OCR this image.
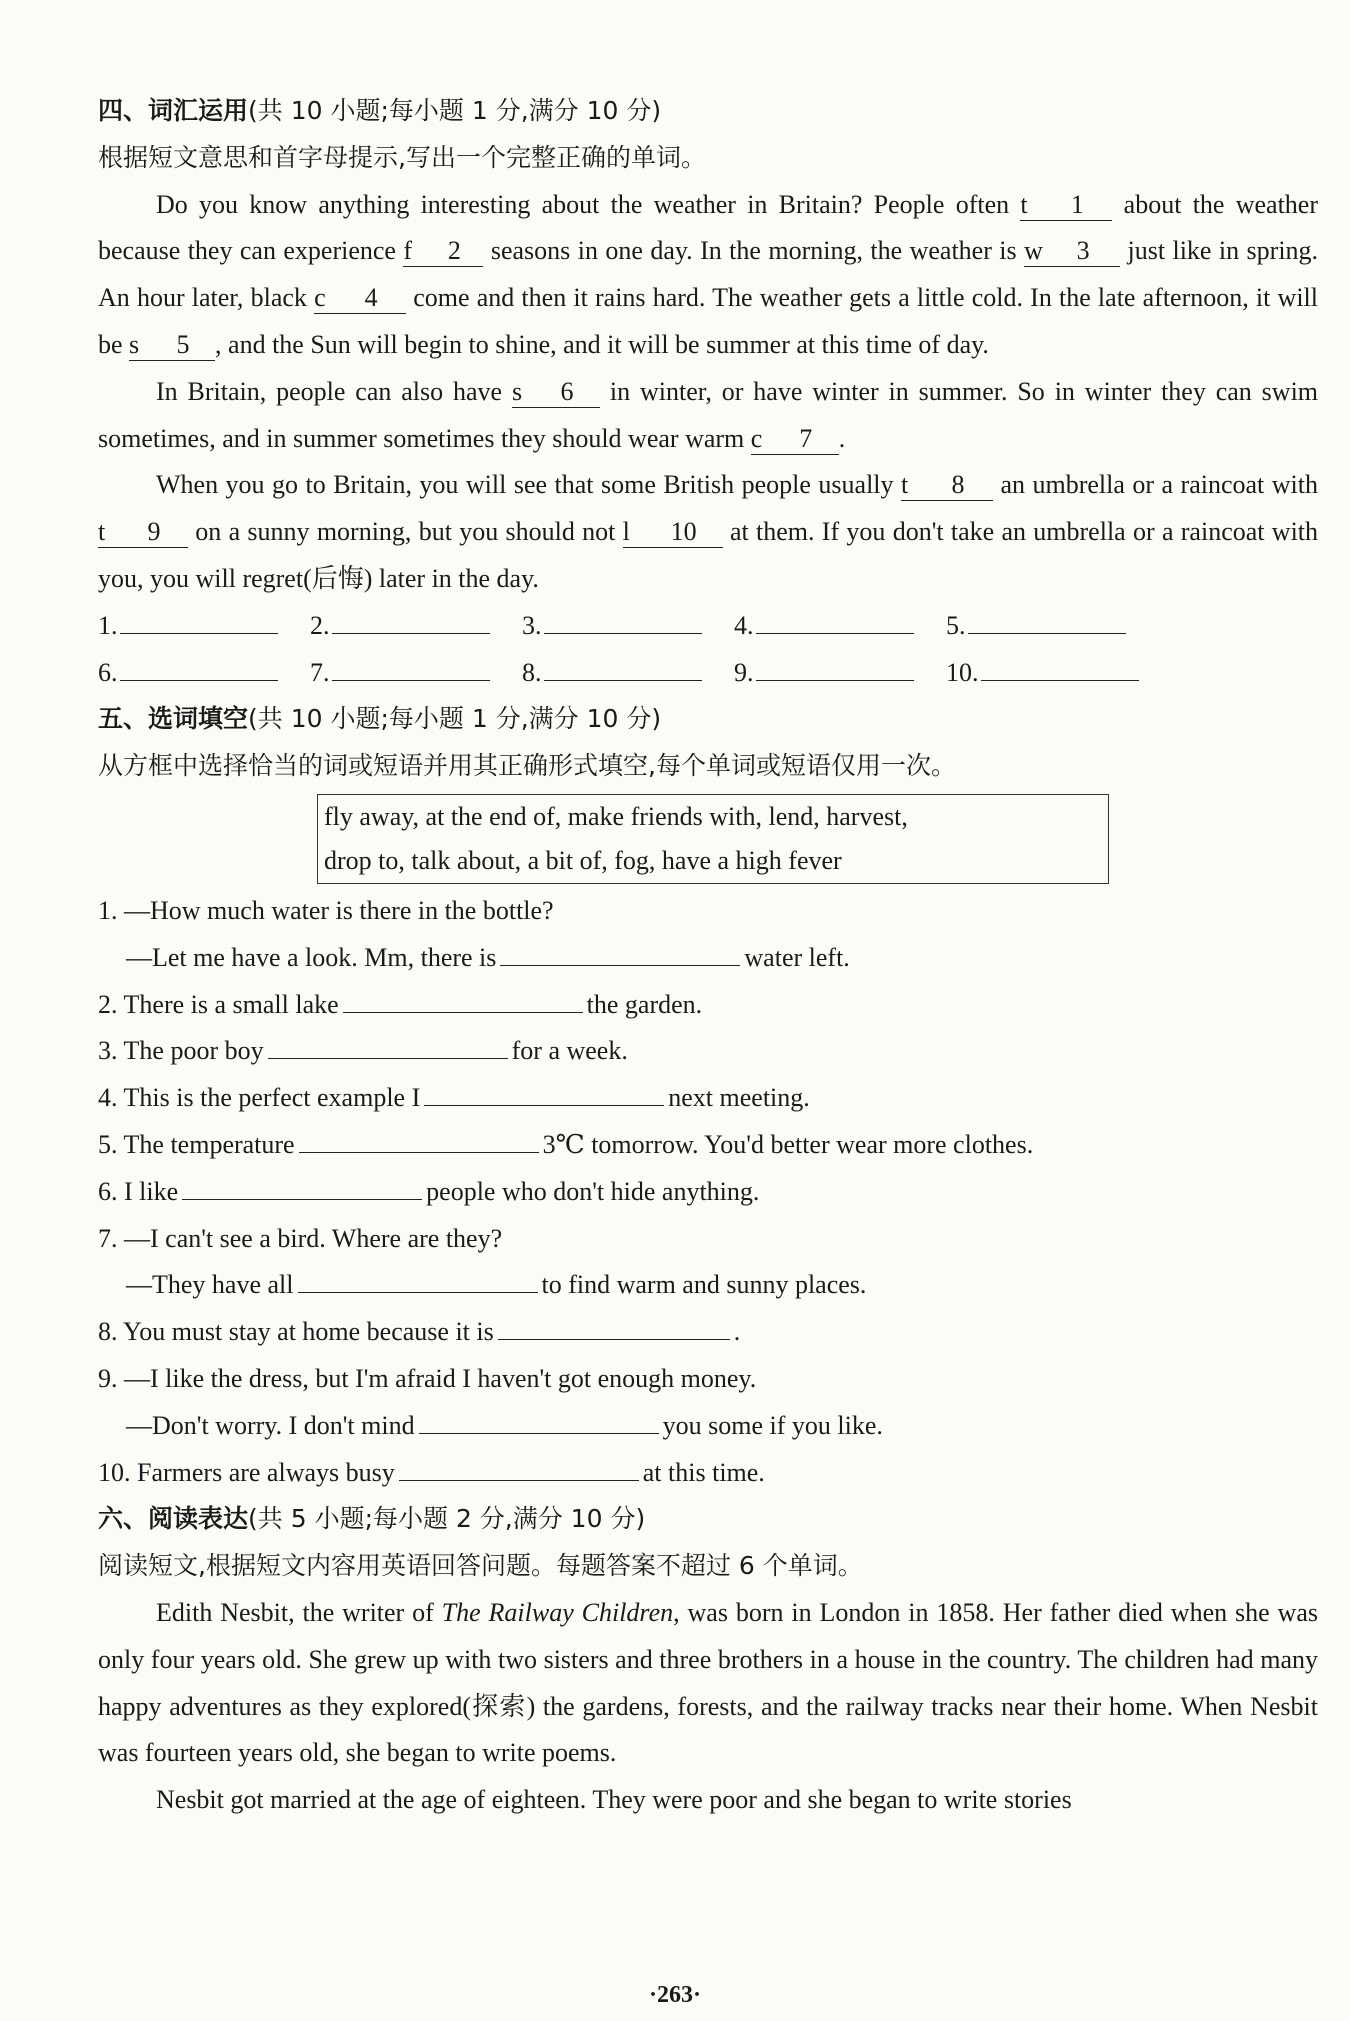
四、词汇运用(共 10 小题;每小题 1 分,满分 10 分)
根据短文意思和首字母提示,写出一个完整正确的单词。
Do you know anything interesting about the weather in Britain? People often t 1 about the weather because they can experience f 2 seasons in one day. In the morning, the weather is w 3 just like in spring. An hour later, black c 4 come and then it rains hard. The weather gets a little cold. In the late afternoon, it will be s 5 , and the Sun will begin to shine, and it will be summer at this time of day.
In Britain, people can also have s 6 in winter, or have winter in summer. So in winter they can swim sometimes, and in summer sometimes they should wear warm c 7 .
When you go to Britain, you will see that some British people usually t 8 an umbrella or a raincoat with t 9 on a sunny morning, but you should not l 10 at them. If you don't take an umbrella or a raincoat with you, you will regret(后悔) later in the day.
1.	2.	3.	4.	5.
6.	7.	8.	9.	10.
五、选词填空(共 10 小题;每小题 1 分,满分 10 分)
从方框中选择恰当的词或短语并用其正确形式填空,每个单词或短语仅用一次。
fly away, at the end of, make friends with, lend, harvest,
drop to, talk about, a bit of, fog, have a high fever
1. —How much water is there in the bottle?
—Let me have a look. Mm, there is	water left.
2. There is a small lake	the garden.
3. The poor boy	for a week.
4. This is the perfect example I	next meeting.
5. The temperature	3℃ tomorrow. You'd better wear more clothes.
6. I like	people who don't hide anything.
7. —I can't see a bird. Where are they?
—They have all	to find warm and sunny places.
8. You must stay at home because it is	.
9. —I like the dress, but I'm afraid I haven't got enough money.
—Don't worry. I don't mind	you some if you like.
10. Farmers are always busy	at this time.
六、阅读表达(共 5 小题;每小题 2 分,满分 10 分)
阅读短文,根据短文内容用英语回答问题。每题答案不超过 6 个单词。
Edith Nesbit, the writer of The Railway Children, was born in London in 1858. Her father died when she was only four years old. She grew up with two sisters and three brothers in a house in the country. The children had many happy adventures as they explored(探索) the gardens, forests, and the railway tracks near their home. When Nesbit was fourteen years old, she began to write poems.
Nesbit got married at the age of eighteen. They were poor and she began to write stories
·263·
